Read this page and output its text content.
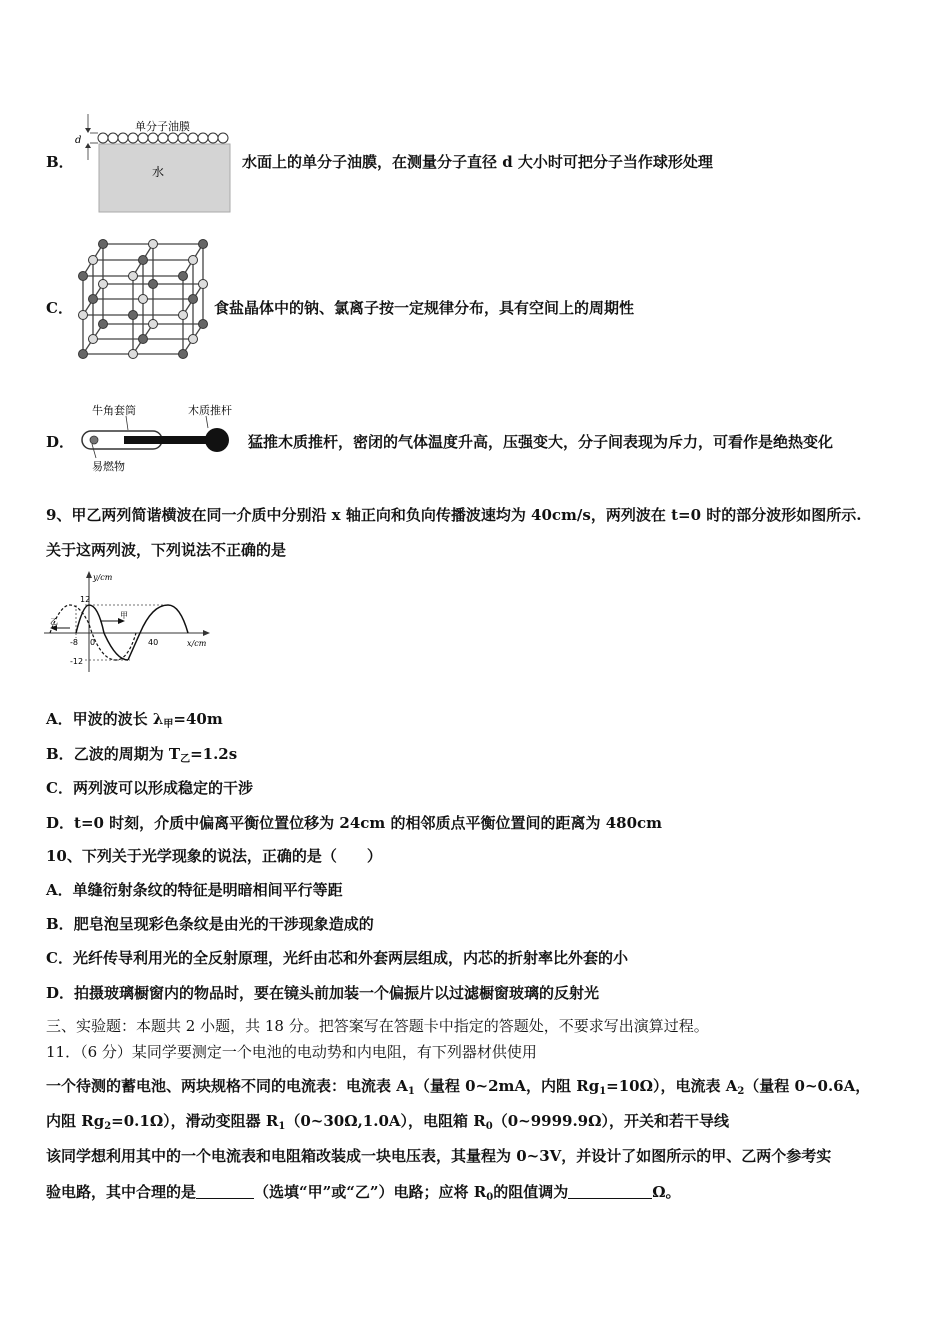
B．
d
单分子油膜
水
水面上的单分子油膜，在测量分子直径 d 大小时可把分子当作球形处理
C．	食盐晶体中的钠、氯离子按一定规律分布，具有空间上的周期性
D．
牛角套筒	木质推杆
易燃物
猛推木质推杆，密闭的气体温度升高，压强变大，分子间表现为斥力，可看作是绝热变化
9、甲乙两列简谐横波在同一介质中分别沿 x 轴正向和负向传播波速均为 40cm/s，两列波在 t=0 时的部分波形如图所示.
关于这两列波，下列说法不正确的是
y/cm
x/cm
12
-12
-8 0	40
甲
乙
A．甲波的波长 $\lambda_甲=40m$
B．乙波的周期为 $T_乙=1.2s$
C．两列波可以形成稳定的干涉
D．t=0 时刻，介质中偏离平衡位置位移为 24cm 的相邻质点平衡位置间的距离为 480cm
10、下列关于光学现象的说法，正确的是（　　）
A．单缝衍射条纹的特征是明暗相间平行等距
B．肥皂泡呈现彩色条纹是由光的干涉现象造成的
C．光纤传导利用光的全反射原理，光纤由芯和外套两层组成，内芯的折射率比外套的小
D．拍摄玻璃橱窗内的物品时，要在镜头前加装一个偏振片以过滤橱窗玻璃的反射光
三、实验题：本题共 2 小题，共 18 分。把答案写在答题卡中指定的答题处，不要求写出演算过程。
11．（6 分）某同学要测定一个电池的电动势和内电阻，有下列器材供使用
一个待测的蓄电池、两块规格不同的电流表：电流表 $A_1$（量程 0~2mA，内阻 $Rg_1=10\Omega$），电流表 $A_2$（量程 0~0.6A，
内阻 $Rg_2=0.1\Omega$），滑动变阻器 $R_1(0\sim 30\Omega,1.0A)$，电阻箱 $R_0(0\sim 9999.9\Omega)$，开关和若干导线
该同学想利用其中的一个电流表和电阻箱改装成一块电压表，其量程为 0~3V，并设计了如图所示的甲、乙两个参考实
验电路，其中合理的是	（选填“甲”或“乙”）电路；应将 $R_0$的阻值调为	Ω。
